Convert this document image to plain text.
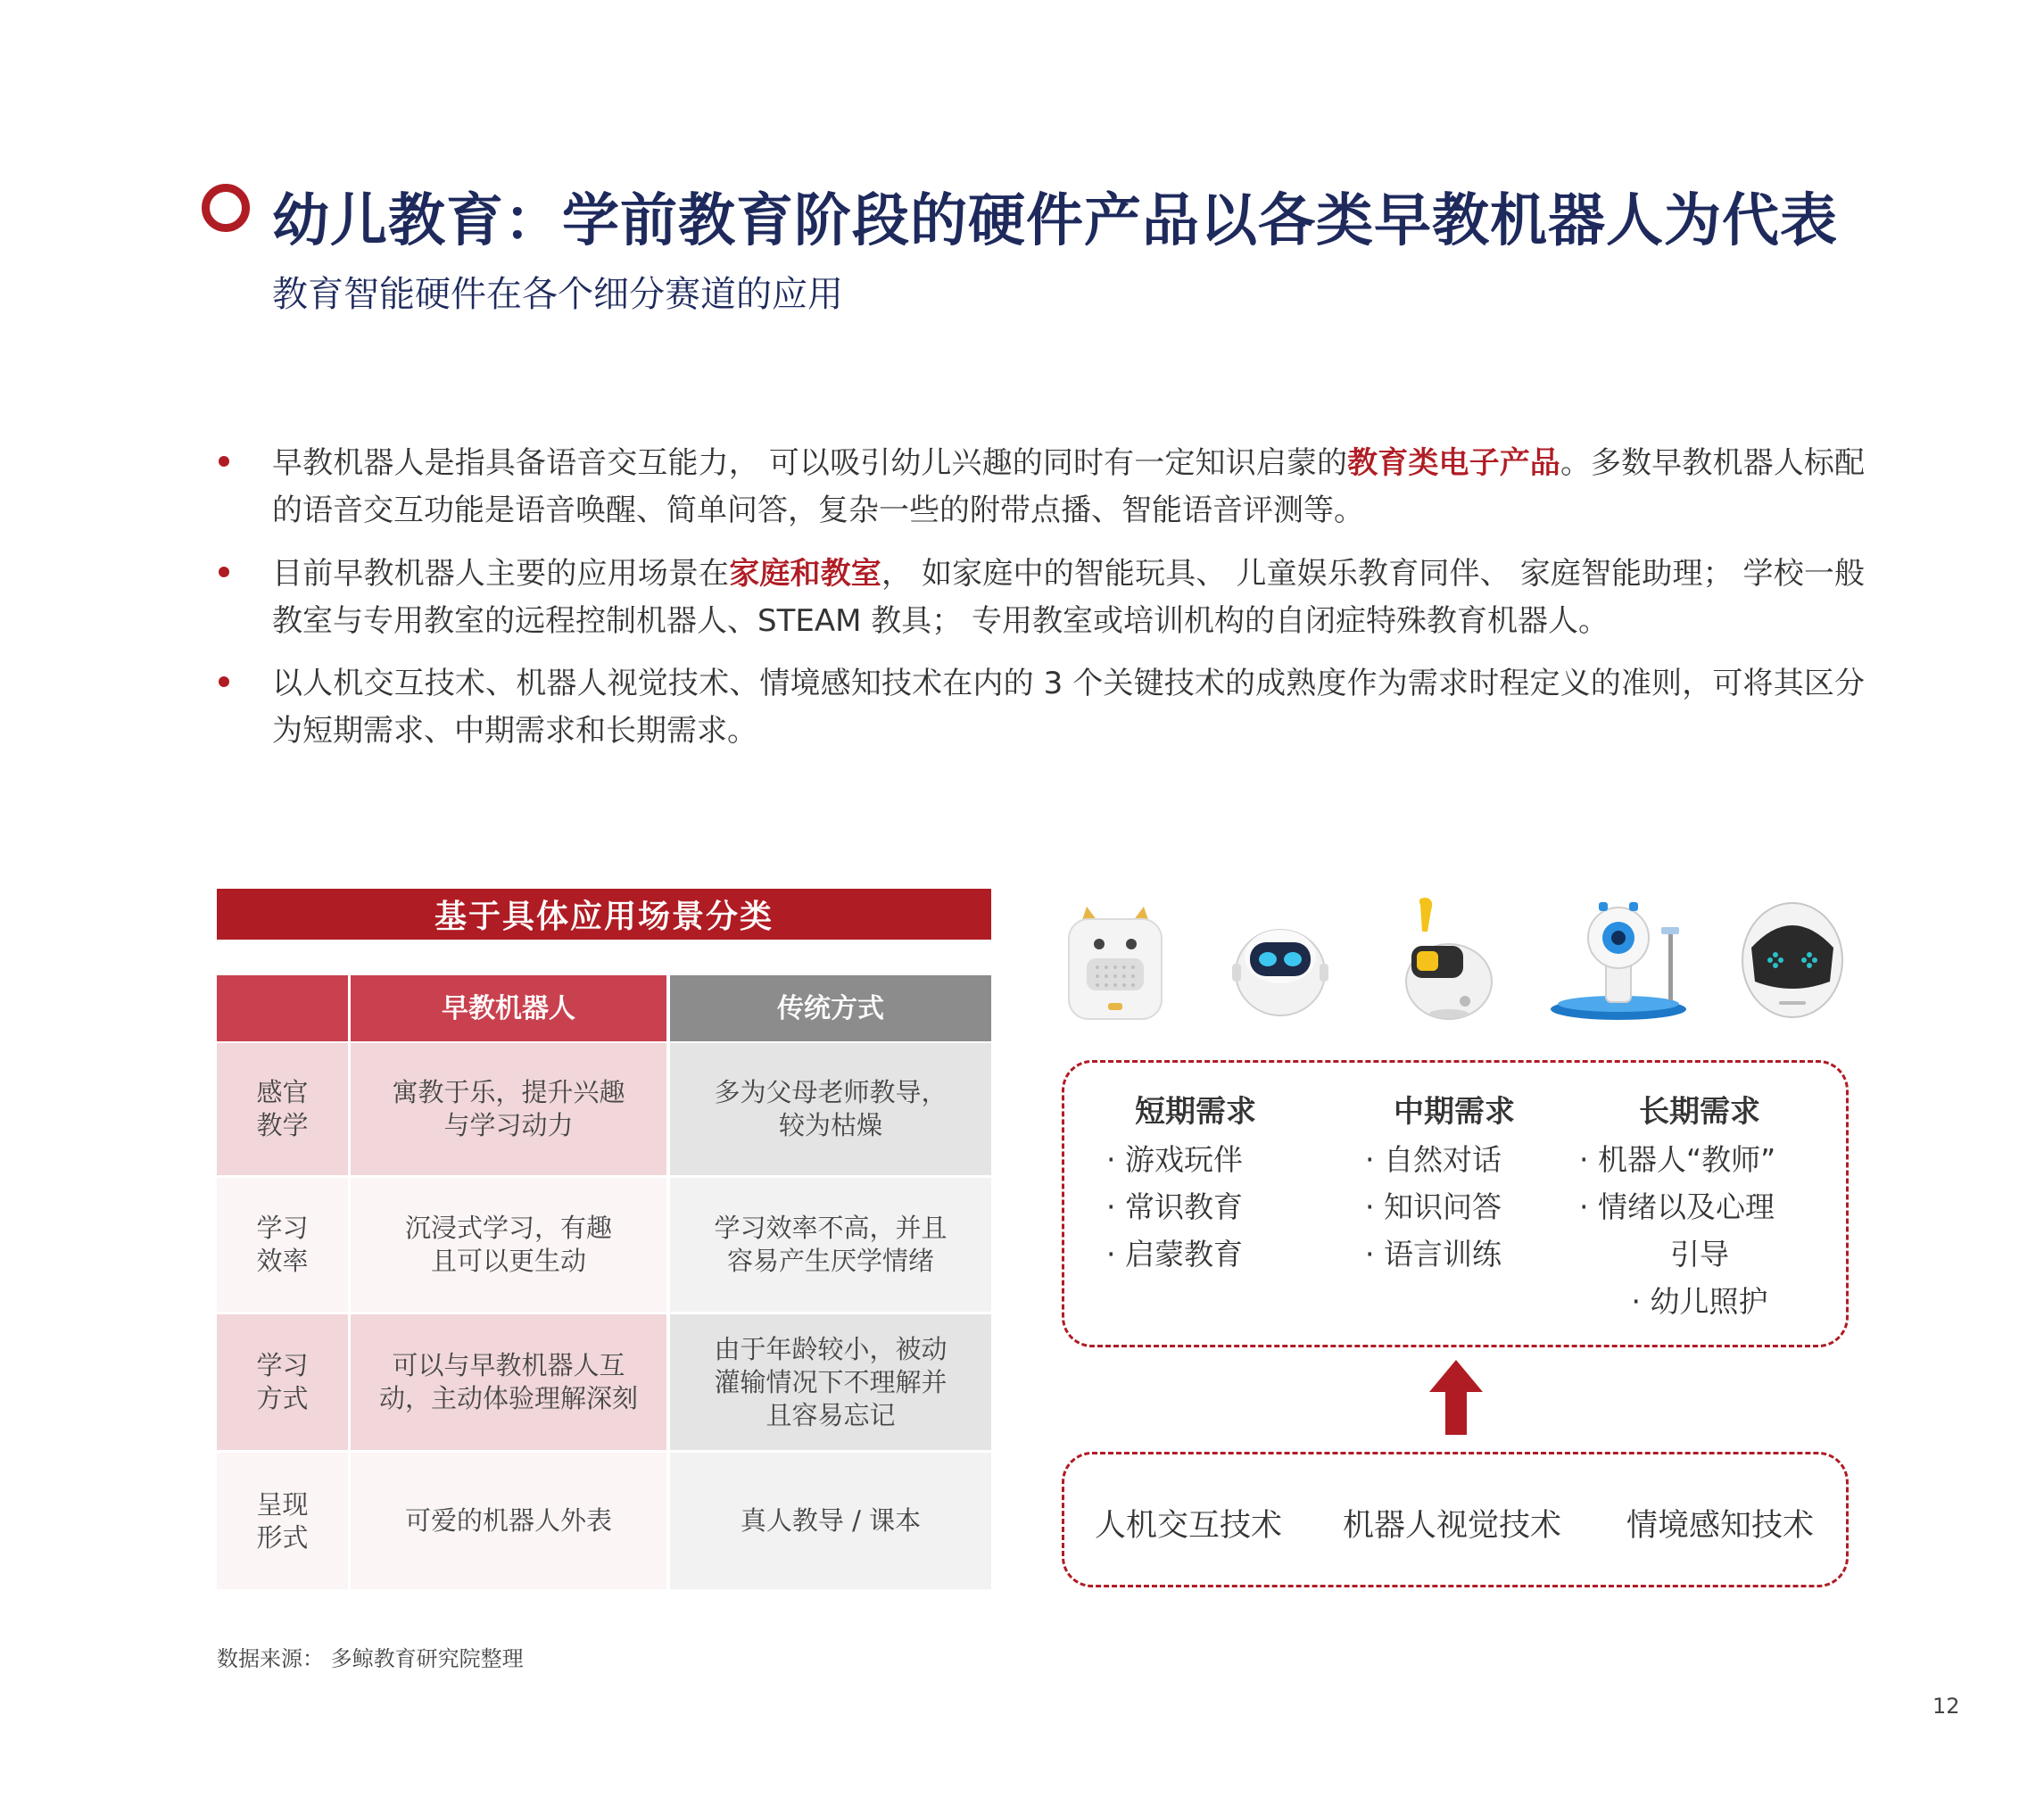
幼儿教育：学前教育阶段的硬件产品以各类早教机器人为代表
教育智能硬件在各个细分赛道的应用
早教机器人是指具备语音交互能力， 可以吸引幼儿兴趣的同时有一定知识启蒙的教育类电子产品。多数早教机器人标配的语音交互功能是语音唤醒、简单问答，复杂一些的附带点播、智能语音评测等。
目前早教机器人主要的应用场景在家庭和教室， 如家庭中的智能玩具、 儿童娱乐教育同伴、 家庭智能助理； 学校一般教室与专用教室的远程控制机器人、STEAM 教具； 专用教室或培训机构的自闭症特殊教育机器人。
以人机交互技术、机器人视觉技术、情境感知技术在内的 3 个关键技术的成熟度作为需求时程定义的准则，可将其区分为短期需求、中期需求和长期需求。
基于具体应用场景分类
早教机器人	传统方式
感官
教学
寓教于乐，提升兴趣
与学习动力
多为父母老师教导，
较为枯燥
学习
效率
沉浸式学习，有趣
且可以更生动
学习效率不高，并且
容易产生厌学情绪
学习
方式
可以与早教机器人互
动，主动体验理解深刻
由于年龄较小，被动
灌输情况下不理解并
且容易忘记
呈现
形式
可爱的机器人外表	真人教导 / 课本
短期需求
· 游戏玩伴
· 常识教育
· 启蒙教育
中期需求
· 自然对话
· 知识问答
· 语言训练
长期需求
· 机器人“教师”
· 情绪以及心理
引导
· 幼儿照护
人机交互技术 机器人视觉技术 情境感知技术
数据来源： 多鲸教育研究院整理
12
